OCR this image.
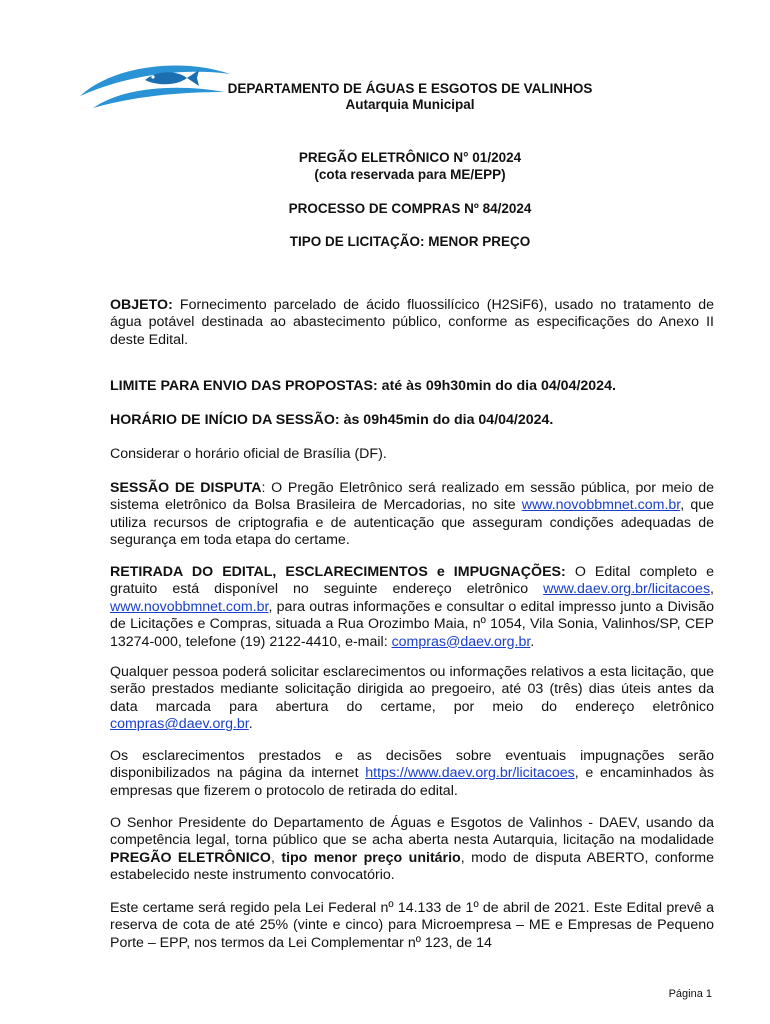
DEPARTAMENTO DE ÁGUAS E ESGOTOS DE VALINHOS
Autarquia Municipal
PREGÃO ELETRÔNICO N° 01/2024
(cota reservada para ME/EPP)
PROCESSO DE COMPRAS Nº 84/2024
TIPO DE LICITAÇÃO: MENOR PREÇO
OBJETO: Fornecimento parcelado de ácido fluossilícico (H2SiF6), usado no tratamento de água potável destinada ao abastecimento público, conforme as especificações do Anexo II deste Edital.
LIMITE PARA ENVIO DAS PROPOSTAS: até às 09h30min do dia 04/04/2024.
HORÁRIO DE INÍCIO DA SESSÃO: às 09h45min do dia 04/04/2024.
Considerar o horário oficial de Brasília (DF).
SESSÃO DE DISPUTA: O Pregão Eletrônico será realizado em sessão pública, por meio de sistema eletrônico da Bolsa Brasileira de Mercadorias, no site www.novobbmnet.com.br, que utiliza recursos de criptografia e de autenticação que asseguram condições adequadas de segurança em toda etapa do certame.
RETIRADA DO EDITAL, ESCLARECIMENTOS e IMPUGNAÇÕES: O Edital completo e gratuito está disponível no seguinte endereço eletrônico www.daev.org.br/licitacoes, www.novobbmnet.com.br, para outras informações e consultar o edital impresso junto a Divisão de Licitações e Compras, situada a Rua Orozimbo Maia, nº 1054, Vila Sonia, Valinhos/SP, CEP 13274-000, telefone (19) 2122-4410, e-mail: compras@daev.org.br.
Qualquer pessoa poderá solicitar esclarecimentos ou informações relativos a esta licitação, que serão prestados mediante solicitação dirigida ao pregoeiro, até 03 (três) dias úteis antes da data marcada para abertura do certame, por meio do endereço eletrônico compras@daev.org.br.
Os esclarecimentos prestados e as decisões sobre eventuais impugnações serão disponibilizados na página da internet https://www.daev.org.br/licitacoes, e encaminhados às empresas que fizerem o protocolo de retirada do edital.
O Senhor Presidente do Departamento de Águas e Esgotos de Valinhos - DAEV, usando da competência legal, torna público que se acha aberta nesta Autarquia, licitação na modalidade PREGÃO ELETRÔNICO, tipo menor preço unitário, modo de disputa ABERTO, conforme estabelecido neste instrumento convocatório.
Este certame será regido pela Lei Federal nº 14.133 de 1º de abril de 2021. Este Edital prevê a reserva de cota de até 25% (vinte e cinco) para Microempresa – ME e Empresas de Pequeno Porte – EPP, nos termos da Lei Complementar nº 123, de 14
Página 1
